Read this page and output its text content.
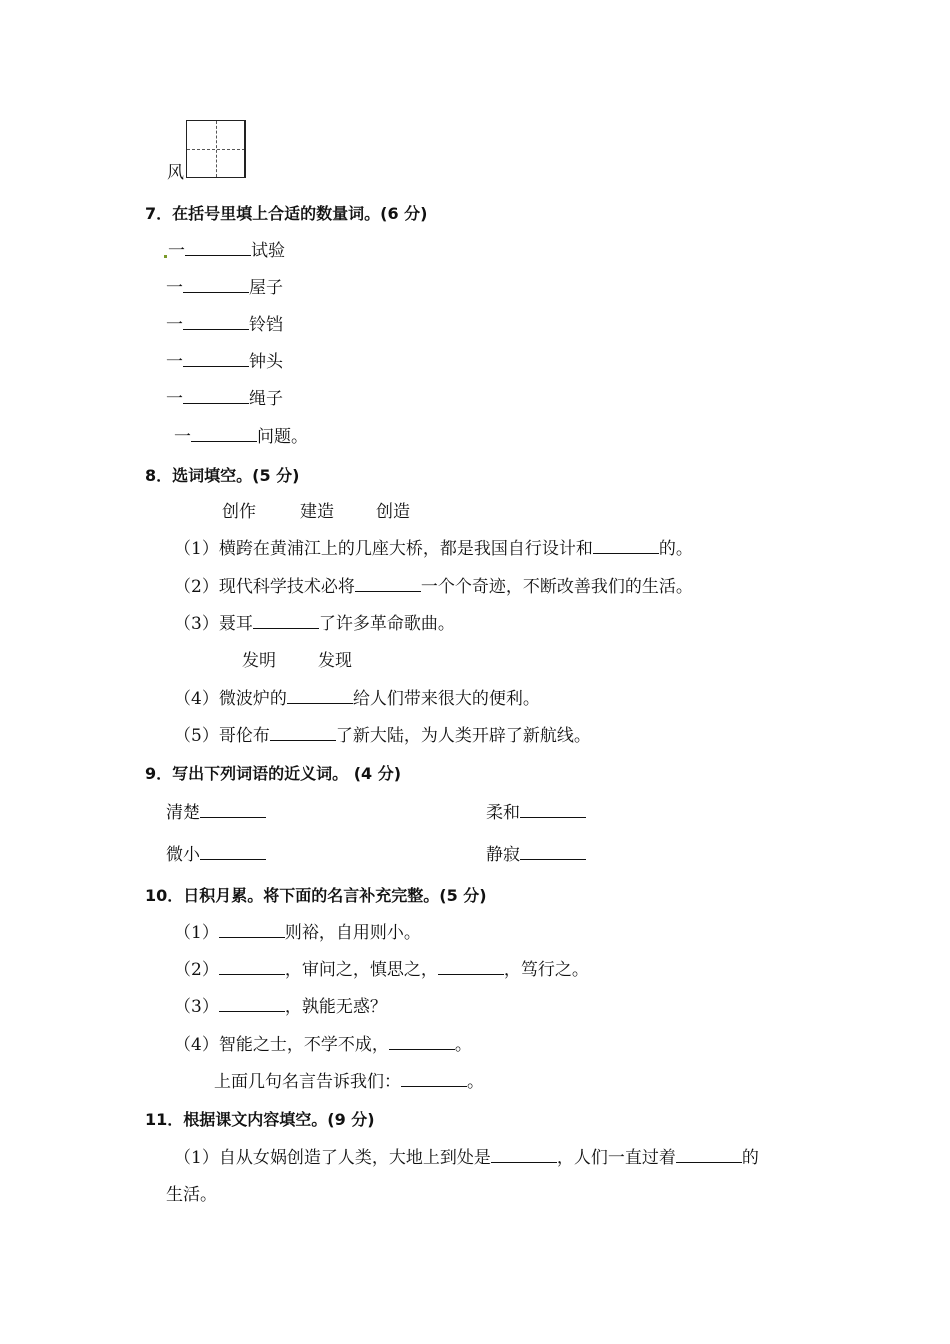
风
7．在括号里填上合适的数量词。(6 分)
一	试验
一	屋子
一	铃铛
一	钟头
一	绳子
一	问题。
8．选词填空。(5 分)
创作	建造 创造
（1）横跨在黄浦江上的几座大桥，都是我国自行设计和	的。
（2）现代科学技术必将	一个个奇迹，不断改善我们的生活。
（3）聂耳	了许多革命歌曲。
发明 发现
（4）微波炉的	给人们带来很大的便利。
（5）哥伦布	了新大陆，为人类开辟了新航线。
9．写出下列词语的近义词。 (4 分)
清楚	柔和
微小	静寂
10．日积月累。将下面的名言补充完整。(5 分)
（1）	则裕，自用则小。
（2）	，审问之，慎思之，	，笃行之。
（3）	，孰能无惑？
（4）智能之士，不学不成，	。
上面几句名言告诉我们：	。
11．根据课文内容填空。(9 分)
（1）自从女娲创造了人类，大地上到处是	，人们一直过着	的
生活。
